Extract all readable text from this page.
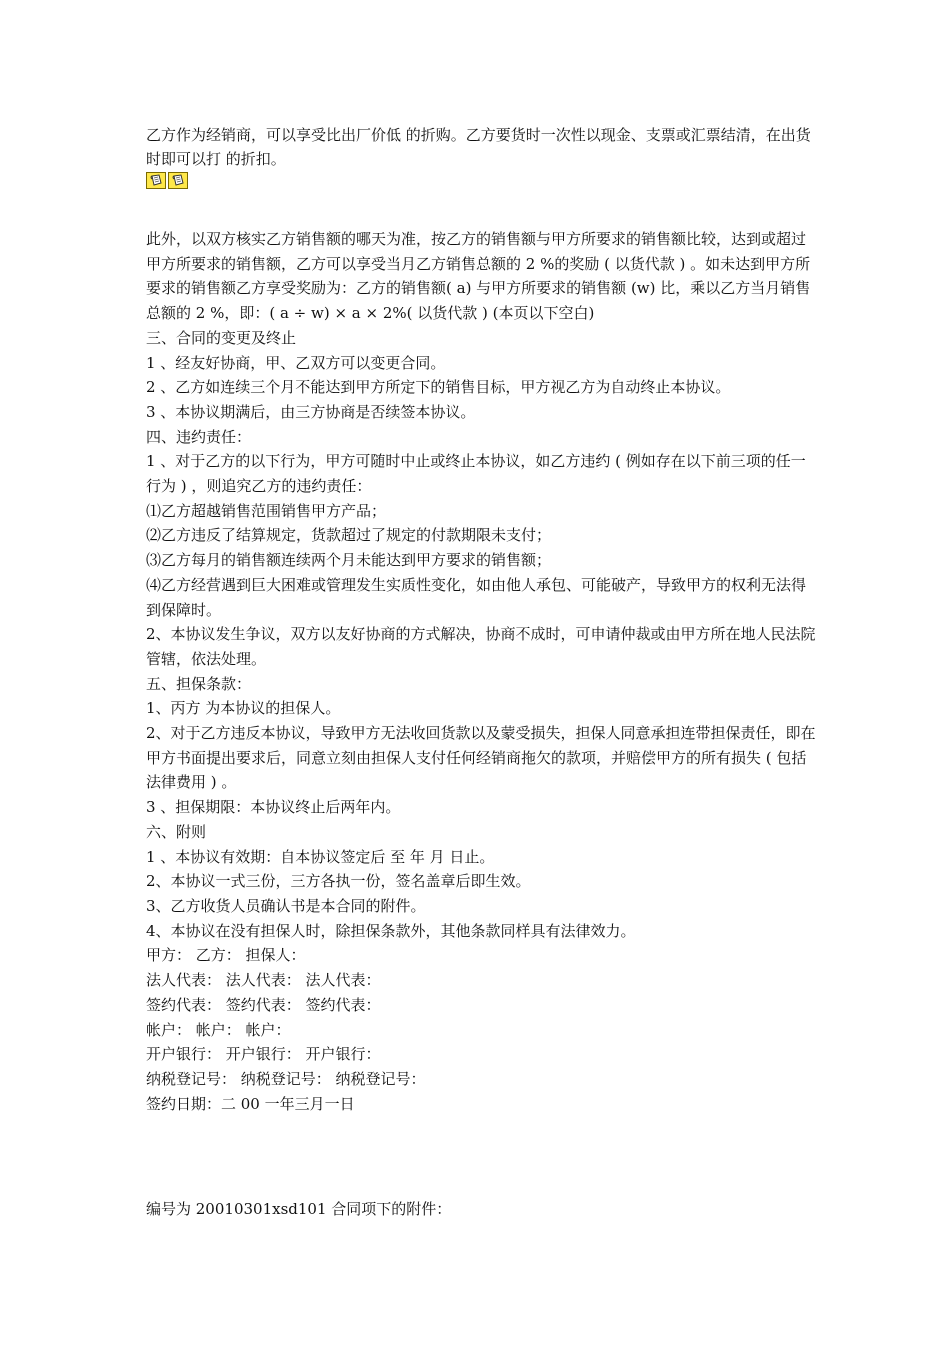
乙方作为经销商，可以享受比出厂价低 的折购。乙方要货时一次性以现金、支票或汇票结清，在出货时即可以打 的折扣。

此外，以双方核实乙方销售额的哪天为准，按乙方的销售额与甲方所要求的销售额比较，达到或超过甲方所要求的销售额，乙方可以享受当月乙方销售总额的 2 %的奖励 ( 以货代款 ) 。如未达到甲方所要求的销售额乙方享受奖励为：乙方的销售额( a) 与甲方所要求的销售额 (w) 比，乘以乙方当月销售总额的 2 %，即：( a ÷ w) × a × 2%( 以货代款 ) (本页以下空白)

三、合同的变更及终止

1 、经友好协商，甲、乙双方可以变更合同。

2 、乙方如连续三个月不能达到甲方所定下的销售目标，甲方视乙方为自动终止本协议。

3 、本协议期满后，由三方协商是否续签本协议。

四、违约责任：

1 、对于乙方的以下行为，甲方可随时中止或终止本协议，如乙方违约 ( 例如存在以下前三项的任一行为 ) ，则追究乙方的违约责任：

⑴乙方超越销售范围销售甲方产品；

⑵乙方违反了结算规定，货款超过了规定的付款期限未支付；

⑶乙方每月的销售额连续两个月未能达到甲方要求的销售额；

⑷乙方经营遇到巨大困难或管理发生实质性变化，如由他人承包、可能破产，导致甲方的权利无法得到保障时。

2、本协议发生争议，双方以友好协商的方式解决，协商不成时，可申请仲裁或由甲方所在地人民法院管辖，依法处理。

五、担保条款：

1、丙方 为本协议的担保人。

2、对于乙方违反本协议，导致甲方无法收回货款以及蒙受损失，担保人同意承担连带担保责任，即在甲方书面提出要求后，同意立刻由担保人支付任何经销商拖欠的款项，并赔偿甲方的所有损失 ( 包括法律费用 ) 。

3 、担保期限：本协议终止后两年内。

六、附则

1 、本协议有效期：自本协议签定后 至 年 月 日止。

2、本协议一式三份，三方各执一份，签名盖章后即生效。

3、乙方收货人员确认书是本合同的附件。

4、本协议在没有担保人时，除担保条款外，其他条款同样具有法律效力。

甲方： 乙方： 担保人：

法人代表： 法人代表： 法人代表：

签约代表： 签约代表： 签约代表：

帐户： 帐户： 帐户：

开户银行： 开户银行： 开户银行：

纳税登记号： 纳税登记号： 纳税登记号：

签约日期：二 00 一年三月一日

编号为 20010301xsd101 合同项下的附件：
